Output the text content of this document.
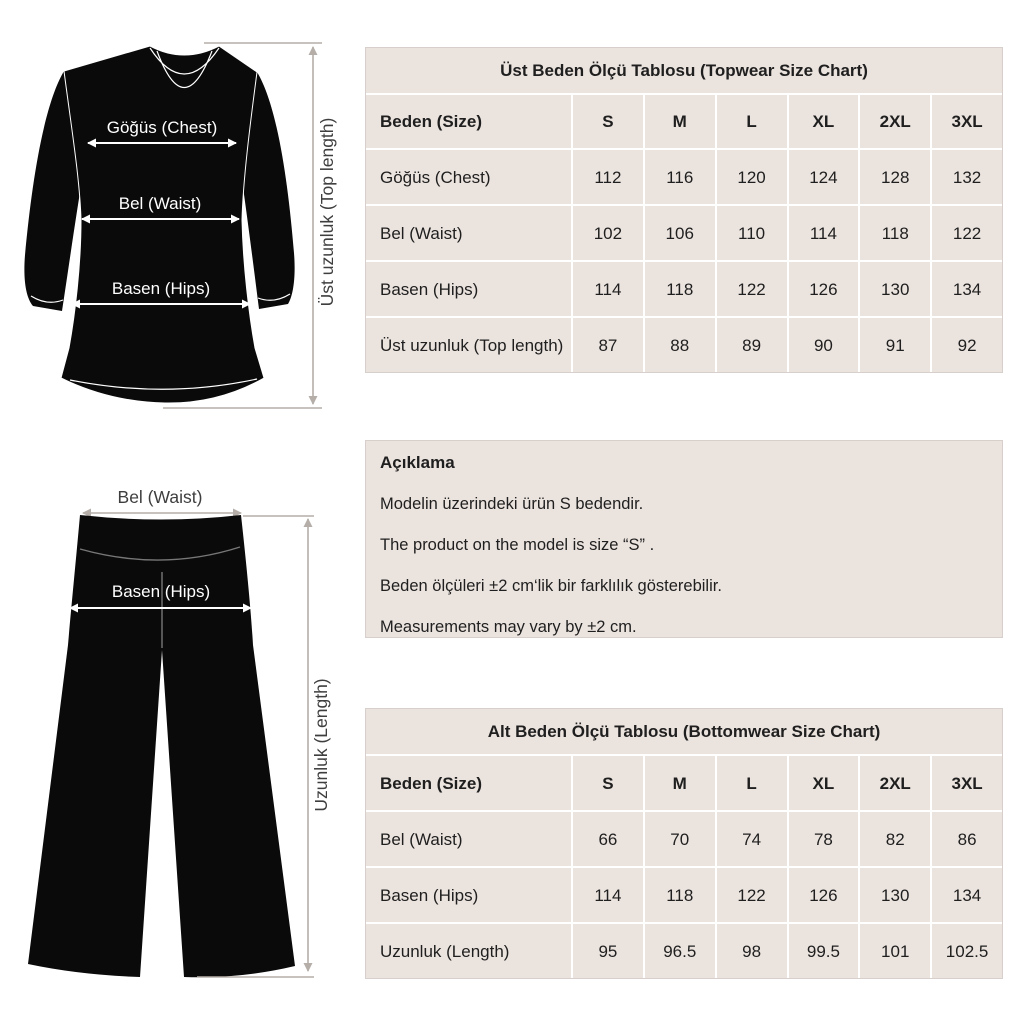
Göğüs (Chest)
Bel (Waist)
Basen (Hips)	Üst uzunluk (Top length)
Bel (Waist)
Basen (Hips)
Uzunluk (Length)
Üst Beden Ölçü Tablosu (Topwear Size Chart)
Beden (Size)	S	M	L	XL	2XL	3XL
Göğüs (Chest)	112	116	120	124	128	132
Bel (Waist)	102	106	110	114	118	122
Basen (Hips)	114	118	122	126	130	134
Üst uzunluk (Top length)	87	88	89	90	91	92
Açıklama
Modelin üzerindeki ürün S bedendir.
The product on the model is size “S” .
Beden ölçüleri ±2 cm‘lik bir farklılık gösterebilir.
Measurements may vary by ±2 cm.
Alt Beden Ölçü Tablosu (Bottomwear Size Chart)
Beden (Size)	S	M	L	XL	2XL	3XL
Bel (Waist)	66	70	74	78	82	86
Basen (Hips)	114	118	122	126	130	134
Uzunluk (Length)	95	96.5	98	99.5	101	102.5
